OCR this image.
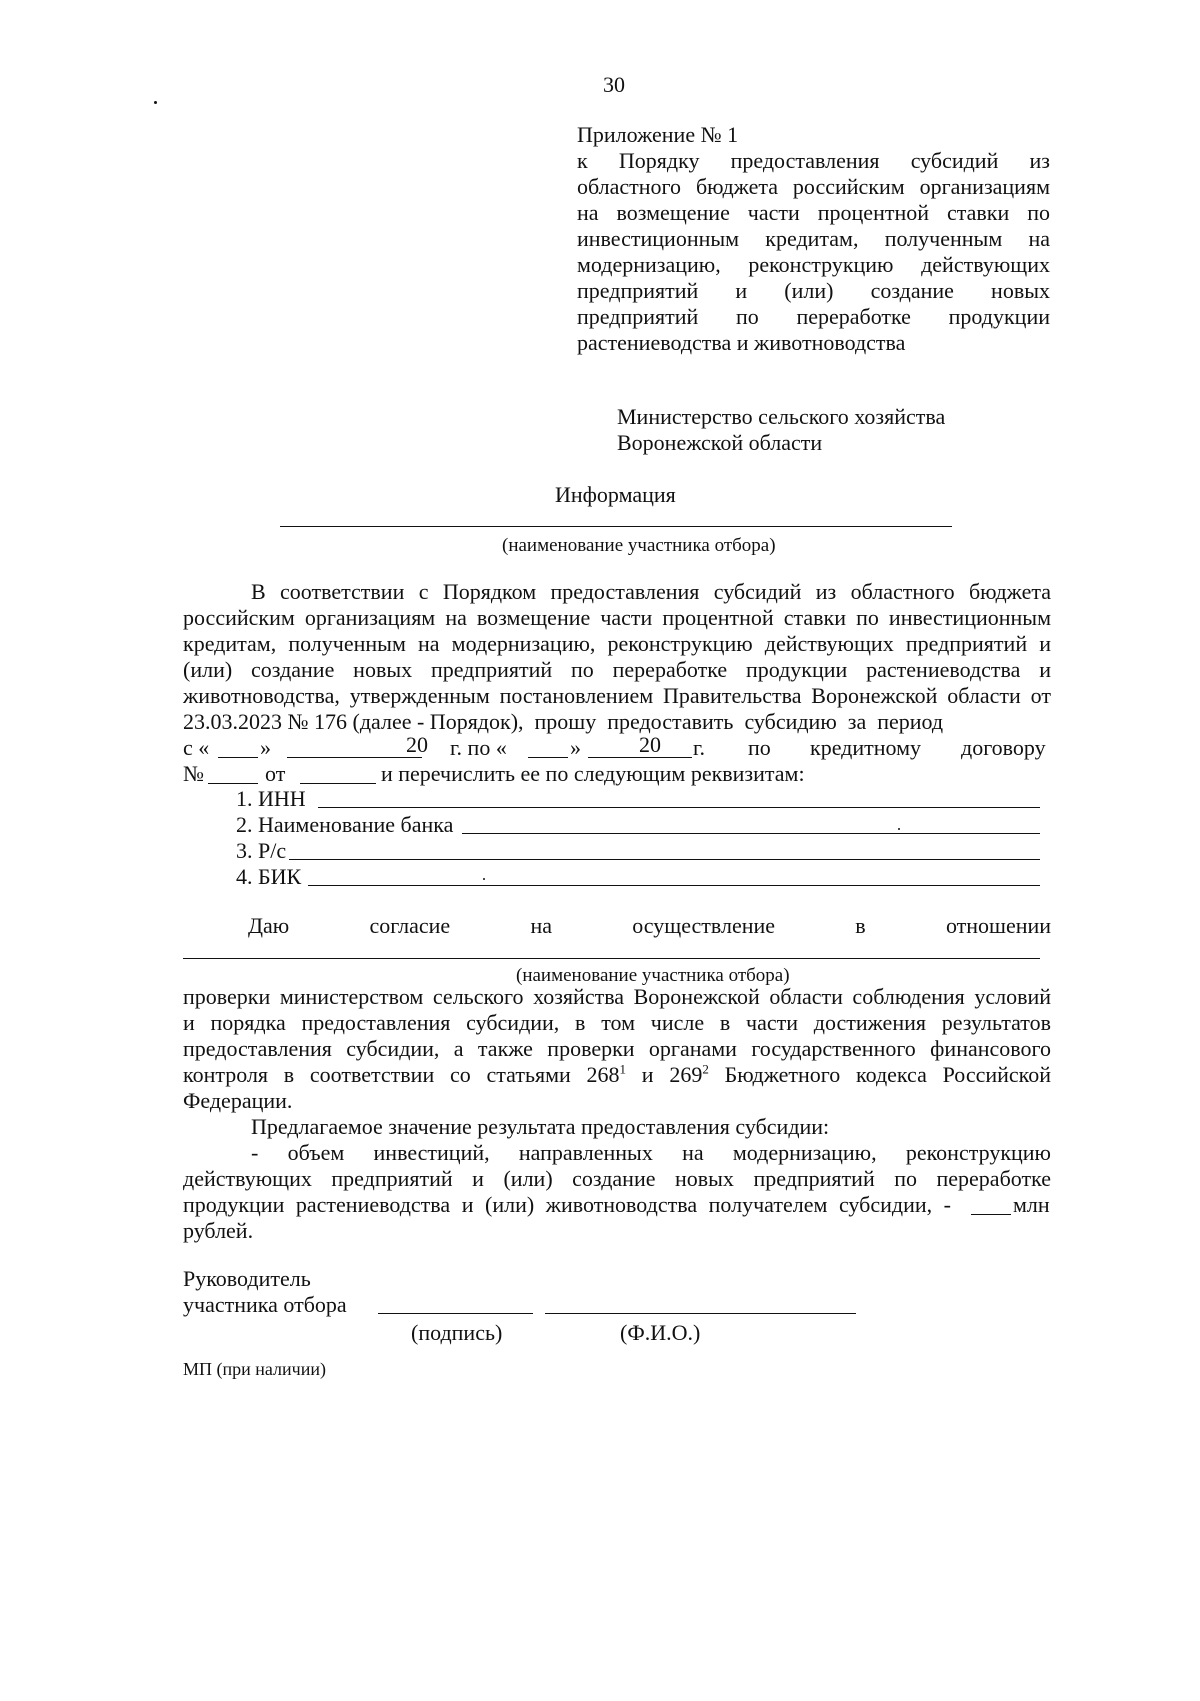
30
Приложение № 1
к Порядку предоставления субсидий из
областного бюджета российским организациям
на возмещение части процентной ставки по
инвестиционным кредитам, полученным на
модернизацию, реконструкцию действующих
предприятий и (или) создание новых
предприятий по переработке продукции
растениеводства и животноводства
Министерство сельского хозяйства
Воронежской области
Информация
(наименование участника отбора)
В соответствии с Порядком предоставления субсидий из областного бюджета
российским организациям на возмещение части процентной ставки по инвестиционным
кредитам, полученным на модернизацию, реконструкцию действующих предприятий и
(или) создание новых предприятий по переработке продукции растениеводства и
животноводства, утвержденным постановлением Правительства Воронежской области от
23.03.2023 № 176 (далее - Порядок),  прошу  предоставить  субсидию  за  период
с « »	20 г. по «	»	20 г. по кредитному договору
№	от	и перечислить ее по следующим реквизитам:
1. ИНН
2. Наименование банка
3. Р/с
4. БИК
Даю	согласие	на	осуществление	в	отношении
(наименование участника отбора)
проверки министерством сельского хозяйства Воронежской области соблюдения условий
и порядка предоставления субсидии, в том числе в части достижения результатов
предоставления субсидии, а также проверки органами государственного финансового
контроля  в  соответствии  со  статьями  $268^1$  и  $269^2$  Бюджетного  кодекса  Российской
Федерации.
Предлагаемое значение результата предоставления субсидии:
- объем инвестиций, направленных на модернизацию, реконструкцию
действующих предприятий и (или) создание новых предприятий по переработке
продукции растениеводства и (или) животноводства получателем субсидии, -	млн
рублей.
Руководитель
участника отбора
(подпись)	(Ф.И.О.)
МП (при наличии)
